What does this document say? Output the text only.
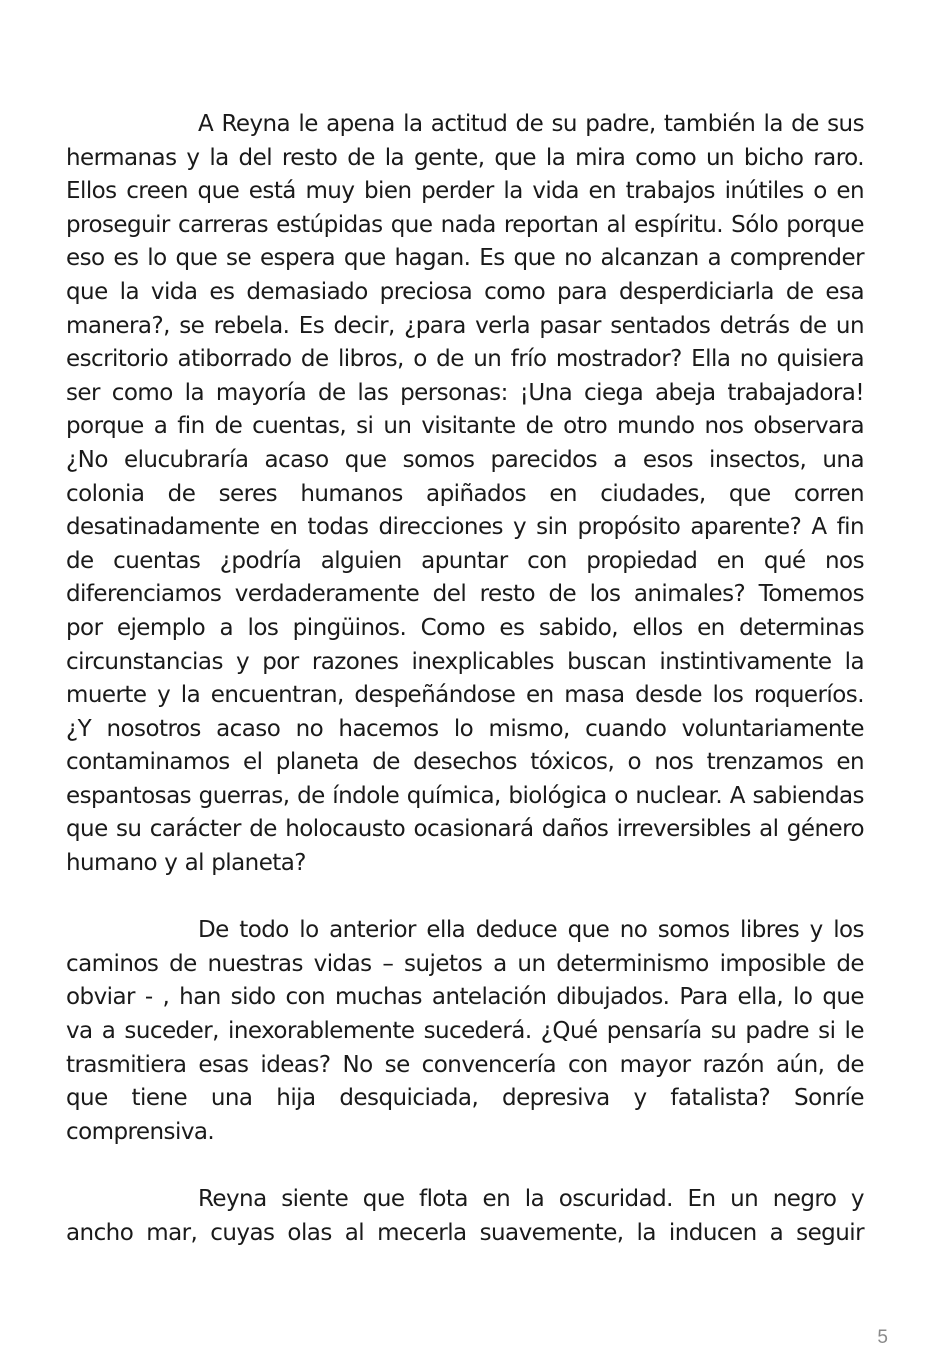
A Reyna le apena la actitud de su padre, también la de sus hermanas y la del resto de la gente, que la mira como un bicho raro. Ellos creen que está muy bien perder la vida en trabajos inútiles o en proseguir carreras estúpidas que nada reportan al espíritu. Sólo porque eso es lo que se espera que hagan. Es que no alcanzan a comprender que la vida es demasiado preciosa como para desperdiciarla de esa manera?, se rebela. Es decir, ¿para verla pasar sentados detrás de un escritorio atiborrado de libros, o de un frío mostrador? Ella no quisiera ser como la mayoría de las personas: ¡Una ciega abeja trabajadora! porque a fin de cuentas, si un visitante de otro mundo nos observara ¿No elucubraría acaso que somos parecidos a esos insectos, una colonia de seres humanos apiñados en ciudades, que corren desatinadamente en todas direcciones y sin propósito aparente? A fin de cuentas ¿podría alguien apuntar con propiedad en qué nos diferenciamos verdaderamente del resto de los animales? Tomemos por ejemplo a los pingüinos. Como es sabido, ellos en determinas circunstancias y por razones inexplicables buscan instintivamente la muerte y la encuentran, despeñándose en masa desde los roqueríos. ¿Y nosotros acaso no hacemos lo mismo, cuando voluntariamente contaminamos el planeta de desechos tóxicos, o nos trenzamos en espantosas guerras, de índole química, biológica o nuclear. A sabiendas que su carácter de holocausto ocasionará daños irreversibles al género humano y al planeta?

De todo lo anterior ella deduce que no somos libres y los caminos de nuestras vidas – sujetos a un determinismo imposible de obviar - , han sido con muchas antelación dibujados. Para ella, lo que va a suceder, inexorablemente sucederá. ¿Qué pensaría su padre si le trasmitiera esas ideas? No se convencería con mayor razón aún, de que tiene una hija desquiciada, depresiva y fatalista? Sonríe comprensiva.

Reyna siente que flota en la oscuridad. En un negro y ancho mar, cuyas olas al mecerla suavemente, la inducen a seguir

5
